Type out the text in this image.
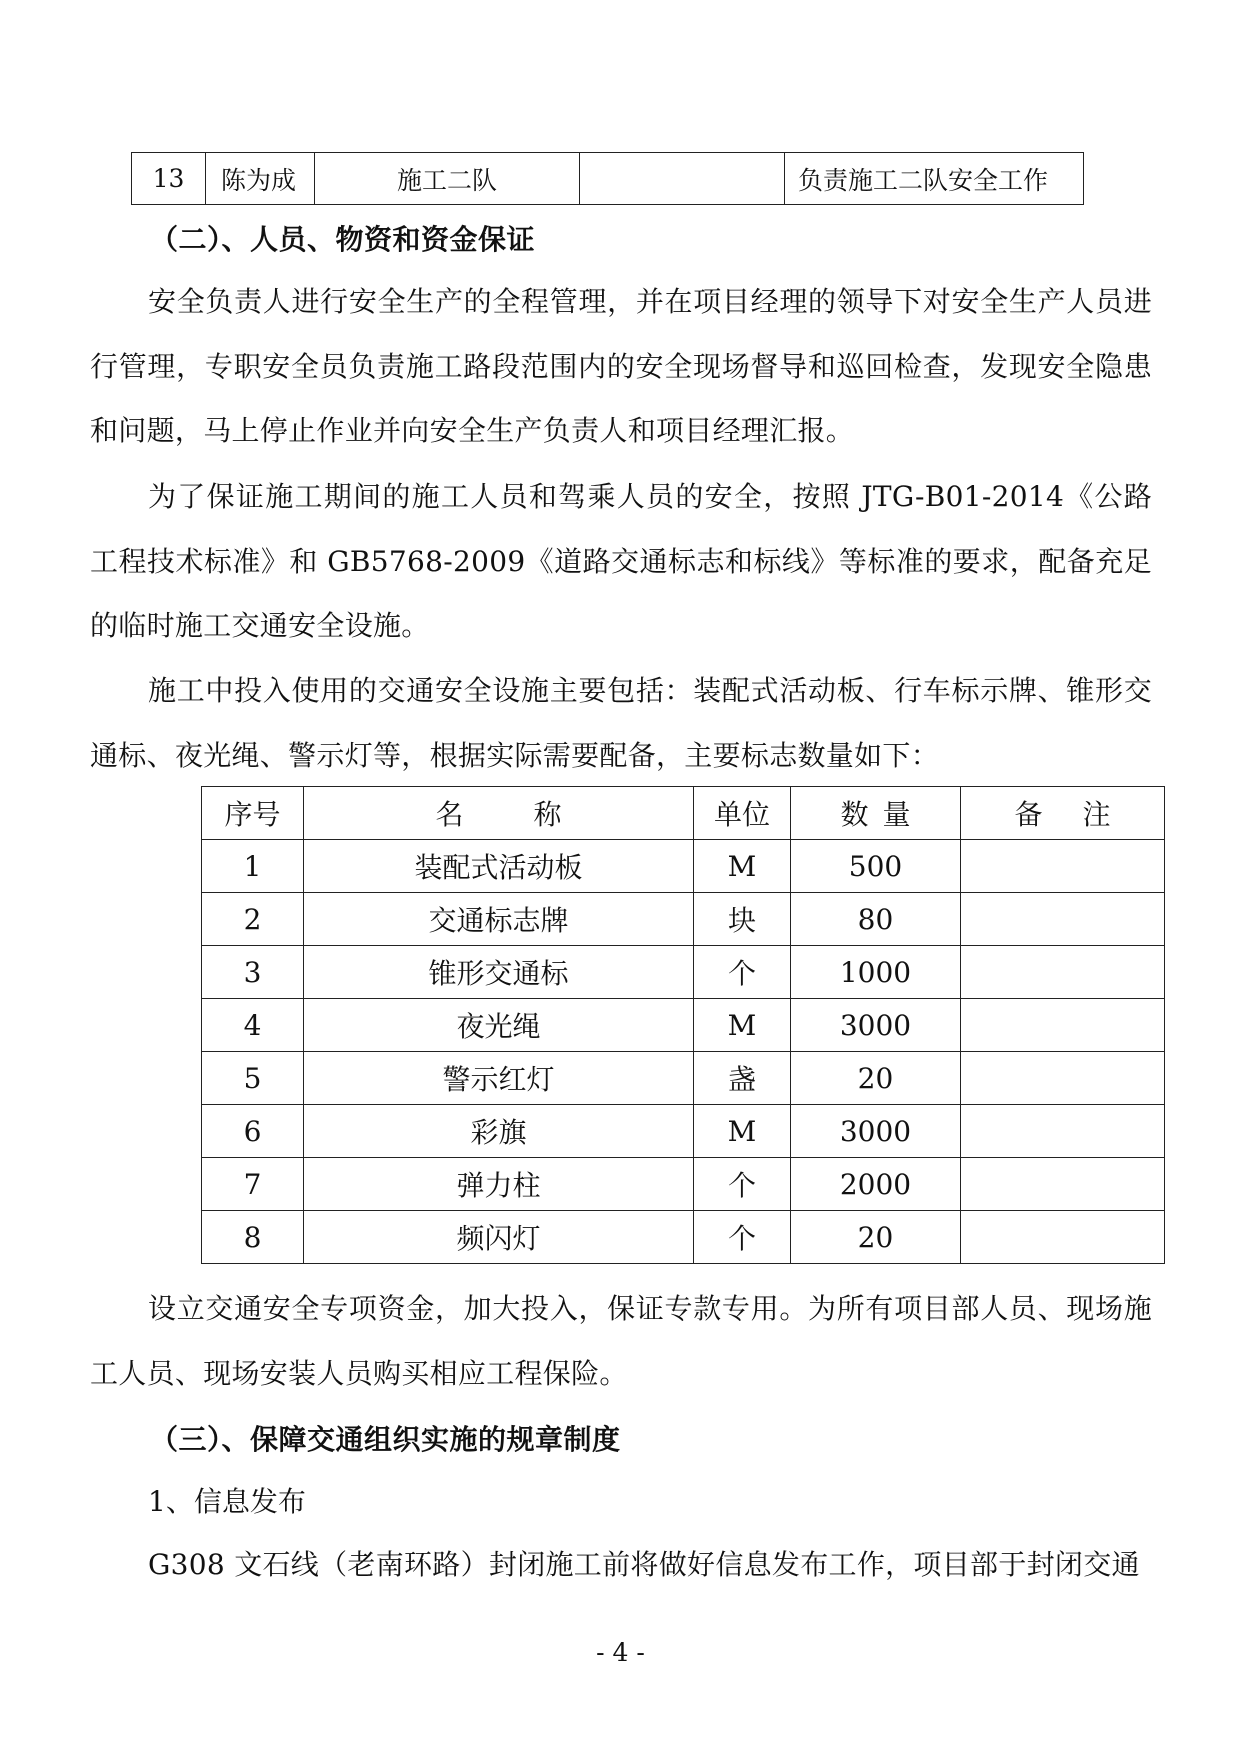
13	陈为成	施工二队		负责施工二队安全工作
（二）、人员、物资和资金保证
安全负责人进行安全生产的全程管理，并在项目经理的领导下对安全生产人员进行管理，专职安全员负责施工路段范围内的安全现场督导和巡回检查，发现安全隐患和问题，马上停止作业并向安全生产负责人和项目经理汇报。
为了保证施工期间的施工人员和驾乘人员的安全，按照 JTG-B01-2014《公路工程技术标准》和 GB5768-2009《道路交通标志和标线》等标准的要求，配备充足的临时施工交通安全设施。
施工中投入使用的交通安全设施主要包括：装配式活动板、行车标示牌、锥形交通标、夜光绳、警示灯等，根据实际需要配备，主要标志数量如下：
序号	名称	单位	数量	备注
1	装配式活动板	M	500	
2	交通标志牌	块	80	
3	锥形交通标	个	1000	
4	夜光绳	M	3000	
5	警示红灯	盏	20	
6	彩旗	M	3000	
7	弹力柱	个	2000	
8	频闪灯	个	20	
设立交通安全专项资金，加大投入，保证专款专用。为所有项目部人员、现场施工人员、现场安装人员购买相应工程保险。
（三）、保障交通组织实施的规章制度
1、信息发布
G308 文石线（老南环路）封闭施工前将做好信息发布工作，项目部于封闭交通
- 4 -
